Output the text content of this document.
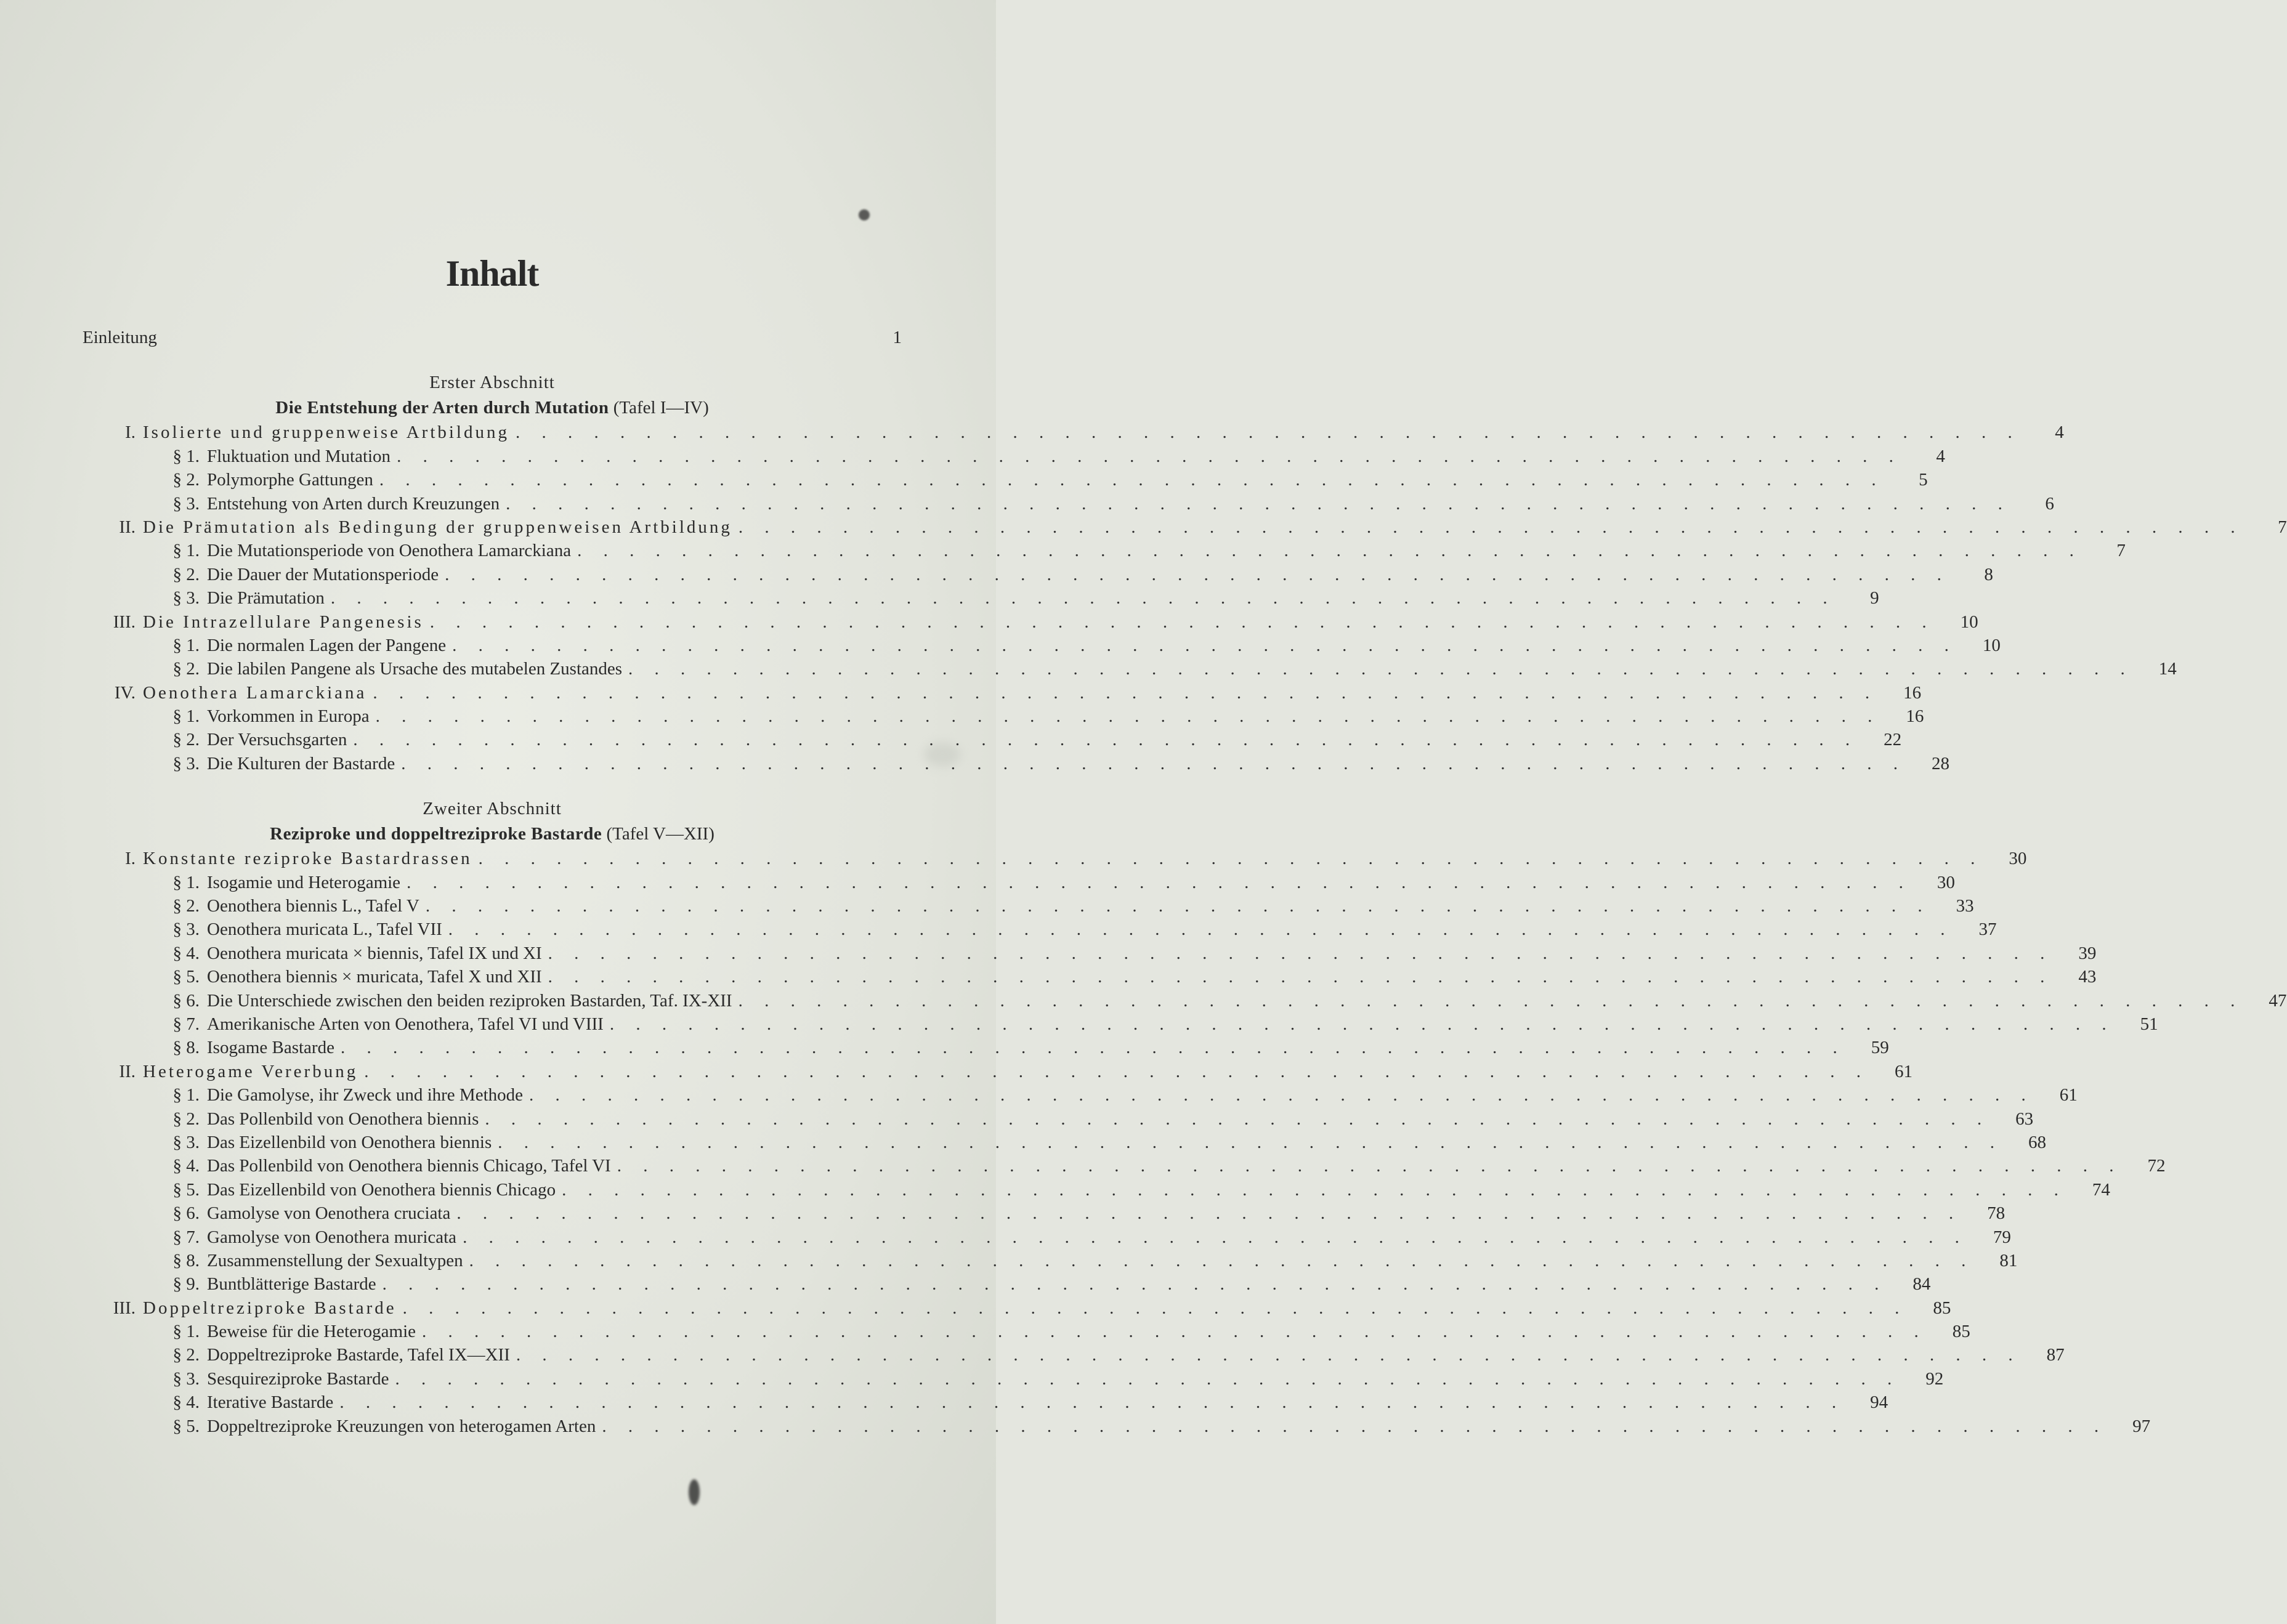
Inhalt
Einleitung	1
Erster Abschnitt
Die Entstehung der Arten durch Mutation (Tafel I—IV)
I. Isolierte und gruppenweise Artbildung . . . . . . . . . . . . . . . . . . . . . . . . . . . . . . . . . . . . . . . . . . . . . . . . . . . . . . . . . .	4
§ 1. Fluktuation und Mutation . . . . . . . . . . . . . . . . . . . . . . . . . . . . . . . . . . . . . . . . . . . . . . . . . . . . . . . . . .	4
§ 2. Polymorphe Gattungen . . . . . . . . . . . . . . . . . . . . . . . . . . . . . . . . . . . . . . . . . . . . . . . . . . . . . . . . . .	5
§ 3. Entstehung von Arten durch Kreuzungen . . . . . . . . . . . . . . . . . . . . . . . . . . . . . . . . . . . . . . . . . . . . . . . . . . . . . . . . . .	6
II. Die Prämutation als Bedingung der gruppenweisen Artbildung . . . . . . . . . . . . . . . . . . . . . . . . . . . . . . . . . . . . . . . . . . . . . . . . . . . . . . . . . .	7
§ 1. Die Mutationsperiode von Oenothera Lamarckiana . . . . . . . . . . . . . . . . . . . . . . . . . . . . . . . . . . . . . . . . . . . . . . . . . . . . . . . . . .	7
§ 2. Die Dauer der Mutationsperiode . . . . . . . . . . . . . . . . . . . . . . . . . . . . . . . . . . . . . . . . . . . . . . . . . . . . . . . . . .	8
§ 3. Die Prämutation . . . . . . . . . . . . . . . . . . . . . . . . . . . . . . . . . . . . . . . . . . . . . . . . . . . . . . . . . .	9
III. Die Intrazellulare Pangenesis . . . . . . . . . . . . . . . . . . . . . . . . . . . . . . . . . . . . . . . . . . . . . . . . . . . . . . . . . .	10
§ 1. Die normalen Lagen der Pangene . . . . . . . . . . . . . . . . . . . . . . . . . . . . . . . . . . . . . . . . . . . . . . . . . . . . . . . . . .	10
§ 2. Die labilen Pangene als Ursache des mutabelen Zustandes . . . . . . . . . . . . . . . . . . . . . . . . . . . . . . . . . . . . . . . . . . . . . . . . . . . . . . . . . .	14
IV. Oenothera Lamarckiana . . . . . . . . . . . . . . . . . . . . . . . . . . . . . . . . . . . . . . . . . . . . . . . . . . . . . . . . . .	16
§ 1. Vorkommen in Europa . . . . . . . . . . . . . . . . . . . . . . . . . . . . . . . . . . . . . . . . . . . . . . . . . . . . . . . . . .	16
§ 2. Der Versuchsgarten . . . . . . . . . . . . . . . . . . . . . . . . . . . . . . . . . . . . . . . . . . . . . . . . . . . . . . . . . .	22
§ 3. Die Kulturen der Bastarde . . . . . . . . . . . . . . . . . . . . . . . . . . . . . . . . . . . . . . . . . . . . . . . . . . . . . . . . . .	28
Zweiter Abschnitt
Reziproke und doppeltreziproke Bastarde (Tafel V—XII)
I. Konstante reziproke Bastardrassen . . . . . . . . . . . . . . . . . . . . . . . . . . . . . . . . . . . . . . . . . . . . . . . . . . . . . . . . . .	30
§ 1. Isogamie und Heterogamie . . . . . . . . . . . . . . . . . . . . . . . . . . . . . . . . . . . . . . . . . . . . . . . . . . . . . . . . . .	30
§ 2. Oenothera biennis L., Tafel V . . . . . . . . . . . . . . . . . . . . . . . . . . . . . . . . . . . . . . . . . . . . . . . . . . . . . . . . . .	33
§ 3. Oenothera muricata L., Tafel VII . . . . . . . . . . . . . . . . . . . . . . . . . . . . . . . . . . . . . . . . . . . . . . . . . . . . . . . . . .	37
§ 4. Oenothera muricata × biennis, Tafel IX und XI . . . . . . . . . . . . . . . . . . . . . . . . . . . . . . . . . . . . . . . . . . . . . . . . . . . . . . . . . .	39
§ 5. Oenothera biennis × muricata, Tafel X und XII . . . . . . . . . . . . . . . . . . . . . . . . . . . . . . . . . . . . . . . . . . . . . . . . . . . . . . . . . .	43
§ 6. Die Unterschiede zwischen den beiden reziproken Bastarden, Taf. IX-XII . . . . . . . . . . . . . . . . . . . . . . . . . . . . . . . . . . . . . . . . . . . . . . . . . . . . . . . . . .	47
§ 7. Amerikanische Arten von Oenothera, Tafel VI und VIII . . . . . . . . . . . . . . . . . . . . . . . . . . . . . . . . . . . . . . . . . . . . . . . . . . . . . . . . . .	51
§ 8. Isogame Bastarde . . . . . . . . . . . . . . . . . . . . . . . . . . . . . . . . . . . . . . . . . . . . . . . . . . . . . . . . . .	59
II. Heterogame Vererbung . . . . . . . . . . . . . . . . . . . . . . . . . . . . . . . . . . . . . . . . . . . . . . . . . . . . . . . . . .	61
§ 1. Die Gamolyse, ihr Zweck und ihre Methode . . . . . . . . . . . . . . . . . . . . . . . . . . . . . . . . . . . . . . . . . . . . . . . . . . . . . . . . . .	61
§ 2. Das Pollenbild von Oenothera biennis . . . . . . . . . . . . . . . . . . . . . . . . . . . . . . . . . . . . . . . . . . . . . . . . . . . . . . . . . .	63
§ 3. Das Eizellenbild von Oenothera biennis . . . . . . . . . . . . . . . . . . . . . . . . . . . . . . . . . . . . . . . . . . . . . . . . . . . . . . . . . .	68
§ 4. Das Pollenbild von Oenothera biennis Chicago, Tafel VI . . . . . . . . . . . . . . . . . . . . . . . . . . . . . . . . . . . . . . . . . . . . . . . . . . . . . . . . . .	72
§ 5. Das Eizellenbild von Oenothera biennis Chicago . . . . . . . . . . . . . . . . . . . . . . . . . . . . . . . . . . . . . . . . . . . . . . . . . . . . . . . . . .	74
§ 6. Gamolyse von Oenothera cruciata . . . . . . . . . . . . . . . . . . . . . . . . . . . . . . . . . . . . . . . . . . . . . . . . . . . . . . . . . .	78
§ 7. Gamolyse von Oenothera muricata . . . . . . . . . . . . . . . . . . . . . . . . . . . . . . . . . . . . . . . . . . . . . . . . . . . . . . . . . .	79
§ 8. Zusammenstellung der Sexualtypen . . . . . . . . . . . . . . . . . . . . . . . . . . . . . . . . . . . . . . . . . . . . . . . . . . . . . . . . . .	81
§ 9. Buntblätterige Bastarde . . . . . . . . . . . . . . . . . . . . . . . . . . . . . . . . . . . . . . . . . . . . . . . . . . . . . . . . . .	84
III. Doppeltreziproke Bastarde . . . . . . . . . . . . . . . . . . . . . . . . . . . . . . . . . . . . . . . . . . . . . . . . . . . . . . . . . .	85
§ 1. Beweise für die Heterogamie . . . . . . . . . . . . . . . . . . . . . . . . . . . . . . . . . . . . . . . . . . . . . . . . . . . . . . . . . .	85
§ 2. Doppeltreziproke Bastarde, Tafel IX—XII . . . . . . . . . . . . . . . . . . . . . . . . . . . . . . . . . . . . . . . . . . . . . . . . . . . . . . . . . .	87
§ 3. Sesquireziproke Bastarde . . . . . . . . . . . . . . . . . . . . . . . . . . . . . . . . . . . . . . . . . . . . . . . . . . . . . . . . . .	92
§ 4. Iterative Bastarde . . . . . . . . . . . . . . . . . . . . . . . . . . . . . . . . . . . . . . . . . . . . . . . . . . . . . . . . . .	94
§ 5. Doppeltreziproke Kreuzungen von heterogamen Arten . . . . . . . . . . . . . . . . . . . . . . . . . . . . . . . . . . . . . . . . . . . . . . . . . . . . . . . . . .	97
